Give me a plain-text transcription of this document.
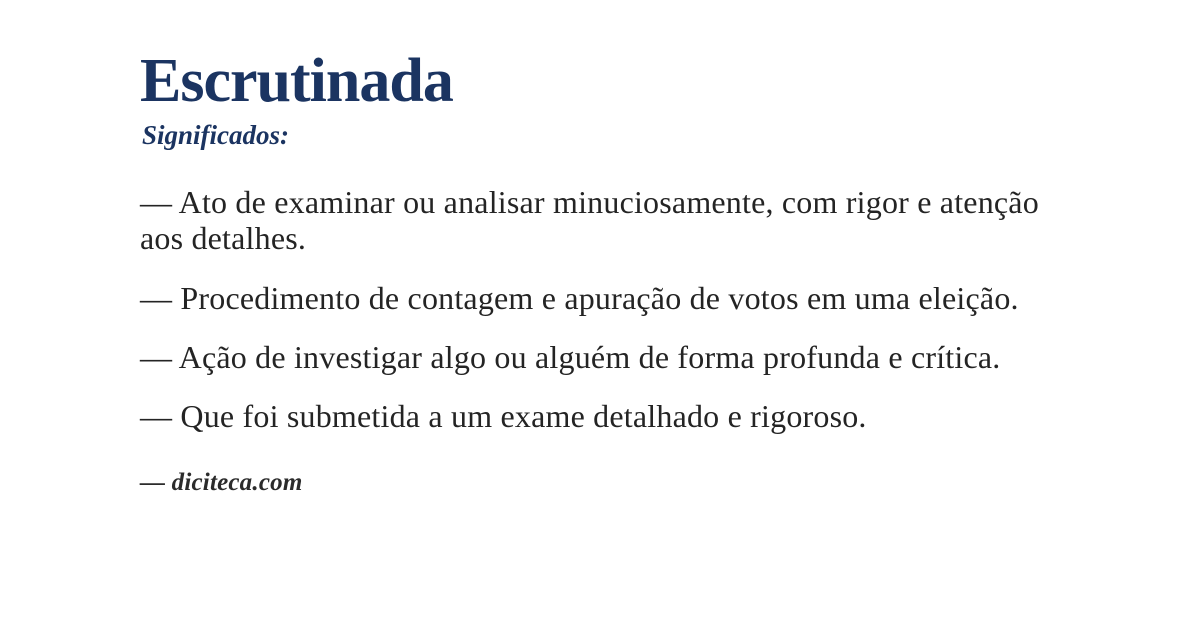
Escrutinada
Significados:

— Ato de examinar ou analisar minuciosamente, com rigor e atenção aos detalhes.

— Procedimento de contagem e apuração de votos em uma eleição.

— Ação de investigar algo ou alguém de forma profunda e crítica.

— Que foi submetida a um exame detalhado e rigoroso.

— diciteca.com
